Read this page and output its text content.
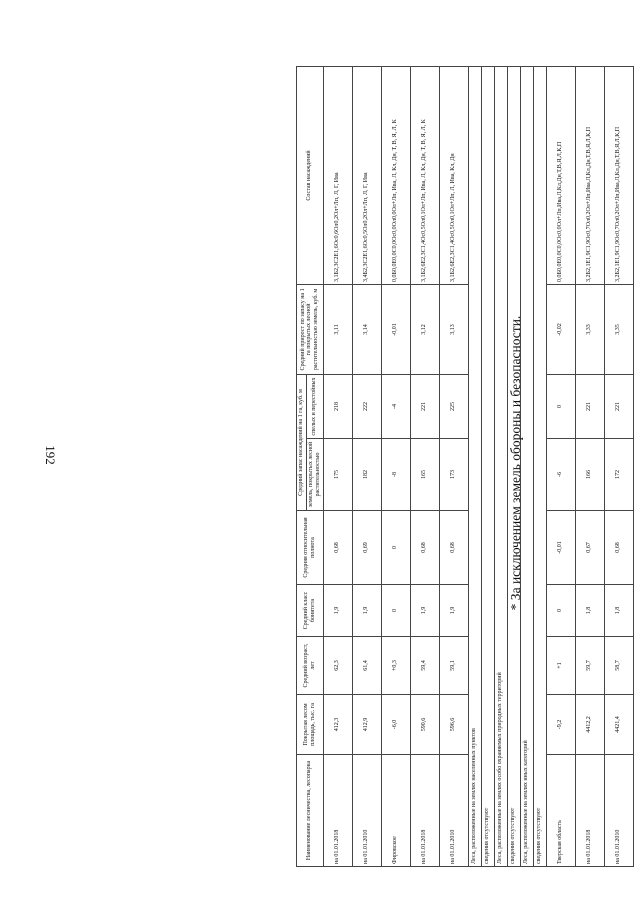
192
Наименование лесничества, лесопарка	Покрытая лесом площадь, тыс. га	Средний возраст, лет	Средний класс бонитета	Средняя относительная полнота	Средний запас насаждений на 1 га, куб. м		Средний прирост по запасу на 1 га покрытых лесной растительностью земель, куб. м	Состав насаждений
					земель, покрытых лесной растительностью	спелых и перестойных		
на 01.01.2018	412,3	62,3	1,9	0,68	175	218	3,11	3,1Б2,3С2Е1,6Ос0,6Ол0,2Ол+Лп, Л, Г, Ива
на 01.01.2010	412,9	61,4	1,9	0,69	182	222	3,14	3,4Б2,3С2Е1,6Ос0,5Ол0,2Ол+Лп, Л, Г, Ива
Фировское	-6,0	+0,3	0	0	-8	-4	-0,01	0,0Б0,0Е0,0С0,0Ос0,0Ол0,0Ол+Лп, Ива, Л, Кл, Дн, Т, В, Я, Л, К
на 01.01.2018	590,6	59,4	1,9	0,68	165	221	3,12	3,1Б2,6Е2,3С1,4Ос0,5Ол0,1Ол+Лп, Ива, Л, Кл, Дн, Т, В, Я, Л, К
на 01.01.2010	596,6	59,1	1,9	0,68	173	225	3,13	3,1Б2,6Е2,3С1,4Ос0,5Ол0,1Ол+Лп, Л, Ива, Кл, Дн
Леса, расположенные на землях населенных пунктов								
сведения отсутствуют								
Леса, расположенные на землях особо охраняемых природных территорий								
сведения отсутствуют								
Леса, расположенные на землях иных категорий								
сведения отсутствуют								
Тверская область	-9,2	+1	0	-0,01	-6	0	-0,02	0,0Б0,0Е0,0С0,0Ос0,0Ол+Лп,Ива,Л,Кл,Дн,Т,В,Я,Л,К,П
на 01.01.2018	4412,2	59,7	1,8	0,67	166	221	3,33	3,2Б2,1Е1,9С1,9Ос0,7Ол0,2Ол+Лп,Ива,Л,Кл,Дн,Т,В,Я,Л,К,П
на 01.01.2010	4421,4	58,7	1,8	0,68	172	221	3,35	3,2Б2,1Е1,9С1,9Ос0,7Ол0,2Ол+Лп,Ива,Л,Кл,Дн,Т,В,Я,Л,К,П
* За исключением земель обороны и безопасности.
